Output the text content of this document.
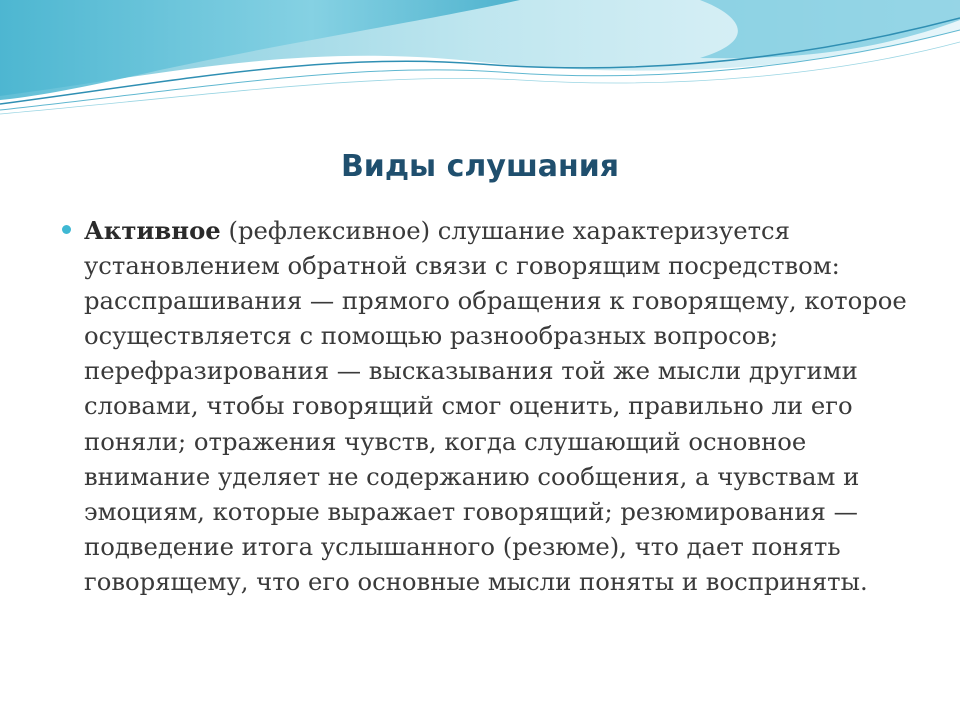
Виды слушания

Активное (рефлексивное) слушание характеризуется установлением обратной связи с говорящим посредством: расспрашивания — прямого обращения к говорящему, которое осуществляется с помощью разнообразных вопросов; перефразирования — высказывания той же мысли другими словами, чтобы говорящий смог оценить, правильно ли его поняли; отражения чувств, когда слушающий основное внимание уделяет не содержанию сообщения, а чувствам и эмоциям, которые выражает говорящий; резюмирования — подведение итога услышанного (резюме), что дает понять говорящему, что его основные мысли поняты и восприняты.
